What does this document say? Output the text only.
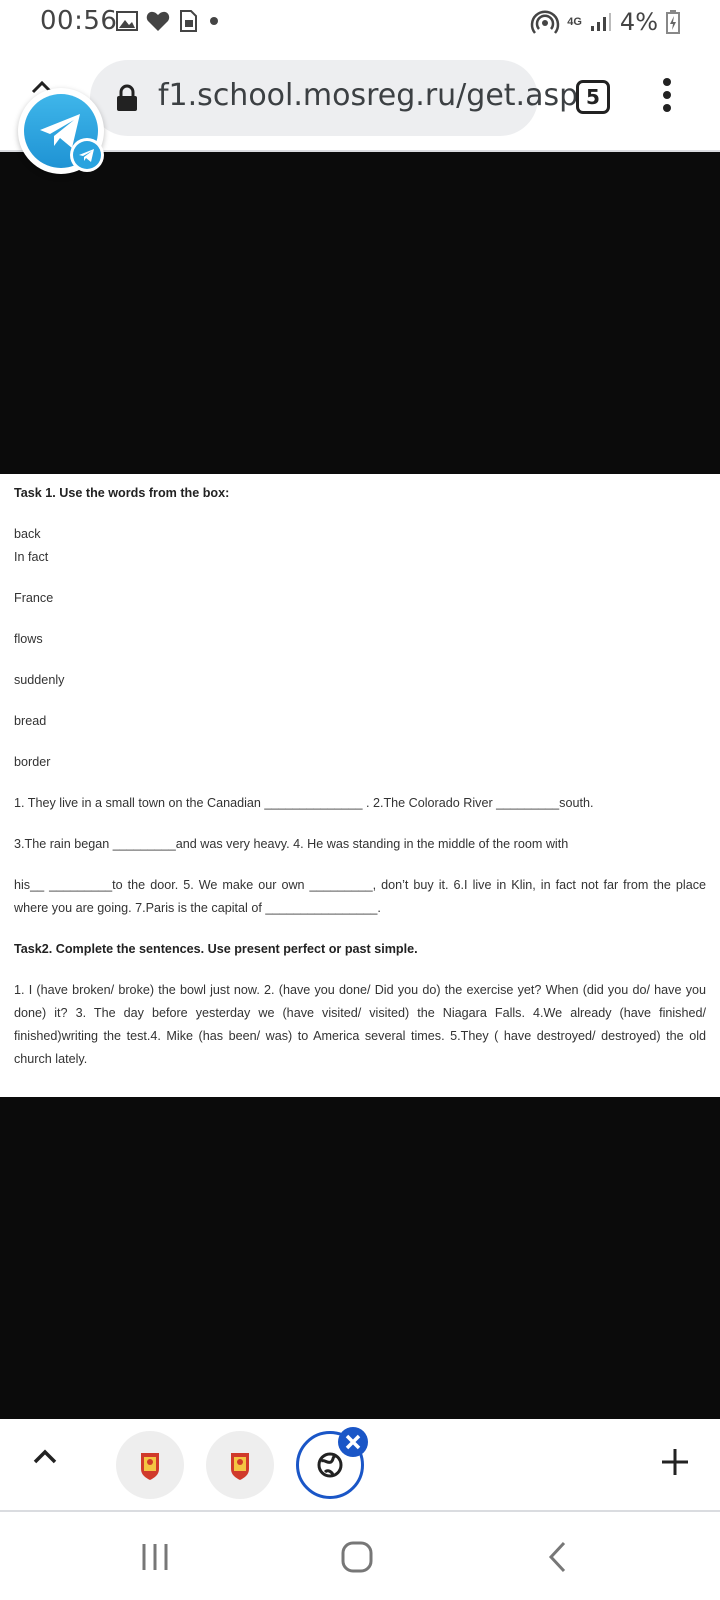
00:56	4G 4%
f1.school.mosreg.ru/get.asp 5
Task 1. Use the words from the box:
back
In fact
France
flows
suddenly
bread
border

1. They live in a small town on the Canadian ______________ . 2.The Colorado River _________south.

3.The rain began _________and was very heavy. 4. He was standing in the middle of the room with

his__ _________to the door. 5. We make our own _________, don’t buy it. 6.I live in Klin, in fact not far from the place where you are going. 7.Paris is the capital of ________________.

Task2. Complete the sentences. Use present perfect or past simple.

1. I (have broken/ broke) the bowl just now. 2. (have you done/ Did you do) the exercise yet? When (did you do/ have you done) it? 3. The day before yesterday we (have visited/ visited) the Niagara Falls. 4.We already (have finished/ finished)writing the test.4. Mike (has been/ was) to America several times. 5.They ( have destroyed/ destroyed) the old church lately.
